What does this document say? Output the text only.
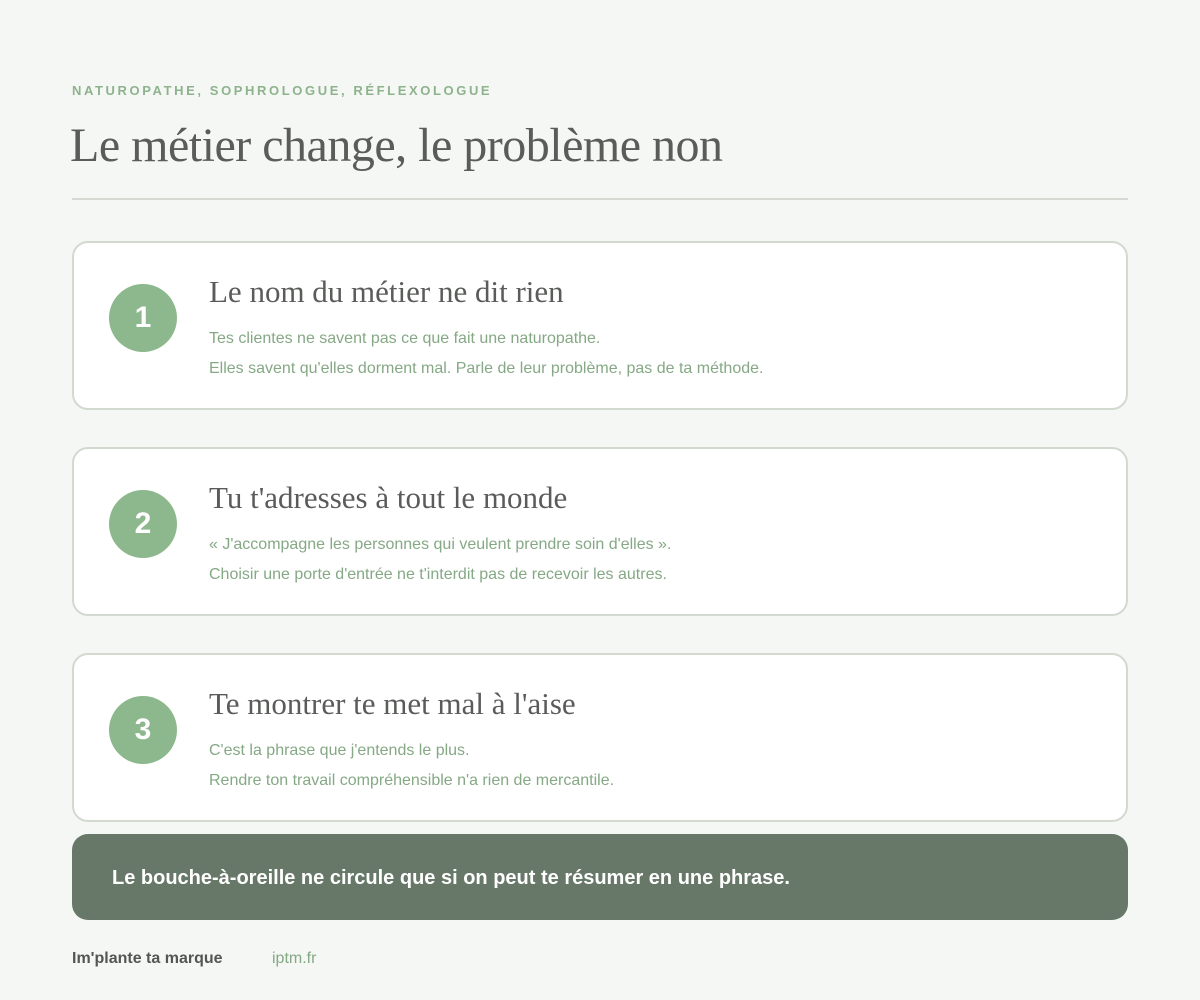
NATUROPATHE, SOPHROLOGUE, RÉFLEXOLOGUE
Le métier change, le problème non
1
Le nom du métier ne dit rien
Tes clientes ne savent pas ce que fait une naturopathe.
Elles savent qu'elles dorment mal. Parle de leur problème, pas de ta méthode.
2
Tu t'adresses à tout le monde
« J'accompagne les personnes qui veulent prendre soin d'elles ».
Choisir une porte d'entrée ne t'interdit pas de recevoir les autres.
3
Te montrer te met mal à l'aise
C'est la phrase que j'entends le plus.
Rendre ton travail compréhensible n'a rien de mercantile.
Le bouche-à-oreille ne circule que si on peut te résumer en une phrase.
Im'plante ta marque	iptm.fr
